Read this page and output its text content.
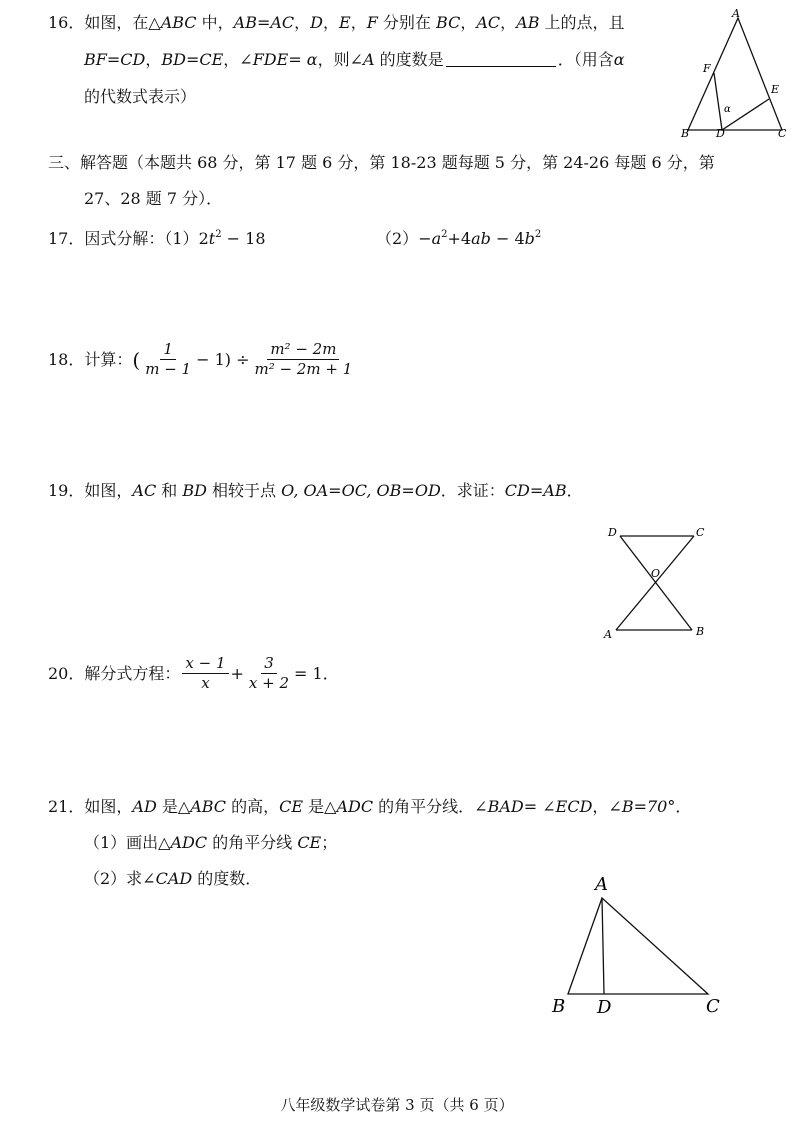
16．如图，在△ABC 中，AB=AC，D，E，F 分别在 BC，AC，AB 上的点，且
BF=CD，BD=CE，∠FDE= α，则∠A 的度数是	．（用含α
的代数式表示）
A
F
E
α
B D	C
三、解答题（本题共 68 分，第 17 题 6 分，第 18-23 题每题 5 分，第 24-26 每题 6 分，第
27、28 题 7 分）．
17．因式分解：$(1)2t^2 - 18$	$(2)-a^2+4ab - 4b^2$
18． 计算： ( $\frac{1}{m - 1} - 1) \div \frac{\text{m² − 2m}}{\text{m² − 2m + 1}}$
19．如图，AC 和 BD 相较于点 O, OA=OC, OB=OD．求证：CD=AB．
D	C
O
A	B
20． 解分式方程： $\frac{x - 1}{x} + \frac{3}{x + 2} = 1$．
21．如图，AD 是△ABC 的高，CE 是△ADC 的角平分线．∠BAD= ∠ECD，∠B=70°．
（1）画出△ADC 的角平分线 CE；
（2）求∠CAD 的度数．	A
B D	C
八年级数学试卷第 3 页（共 6 页）
